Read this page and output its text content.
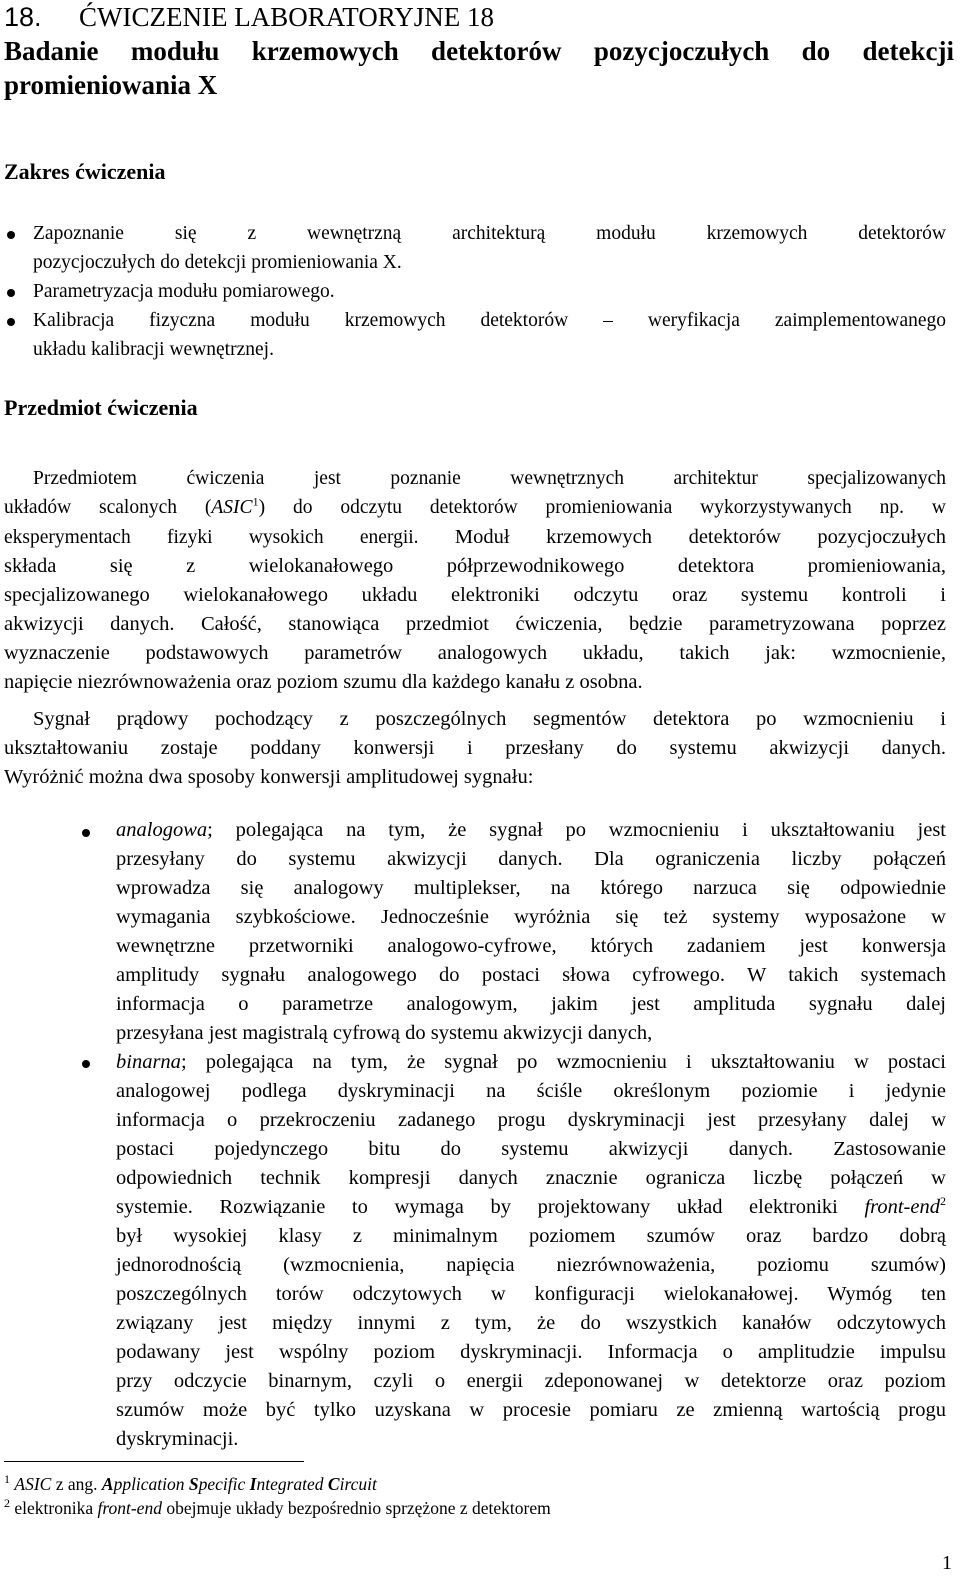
18. ĆWICZENIE LABORATORYJNE 18
Badanie modułu krzemowych detektorów pozycjoczułych do detekcji
promieniowania X
Zakres ćwiczenia
Zapoznanie się z wewnętrzną architekturą modułu krzemowych detektorów
pozycjoczułych do detekcji promieniowania X.
Parametryzacja modułu pomiarowego.
Kalibracja fizyczna modułu krzemowych detektorów – weryfikacja zaimplementowanego
układu kalibracji wewnętrznej.
Przedmiot ćwiczenia
Przedmiotem ćwiczenia jest poznanie wewnętrznych architektur specjalizowanych
układów scalonych (ASIC$^1$) do odczytu detektorów promieniowania wykorzystywanych np. w
eksperymentach fizyki wysokich energii. Moduł krzemowych detektorów pozycjoczułych
składa się z wielokanałowego półprzewodnikowego detektora promieniowania,
specjalizowanego wielokanałowego układu elektroniki odczytu oraz systemu kontroli i
akwizycji danych. Całość, stanowiąca przedmiot ćwiczenia, będzie parametryzowana poprzez
wyznaczenie podstawowych parametrów analogowych układu, takich jak: wzmocnienie,
napięcie niezrównoważenia oraz poziom szumu dla każdego kanału z osobna.
Sygnał prądowy pochodzący z poszczególnych segmentów detektora po wzmocnieniu i
ukształtowaniu zostaje poddany konwersji i przesłany do systemu akwizycji danych.
Wyróżnić można dwa sposoby konwersji amplitudowej sygnału:
analogowa; polegająca na tym, że sygnał po wzmocnieniu i ukształtowaniu jest
przesyłany do systemu akwizycji danych. Dla ograniczenia liczby połączeń
wprowadza się analogowy multiplekser, na którego narzuca się odpowiednie
wymagania szybkościowe. Jednocześnie wyróżnia się też systemy wyposażone w
wewnętrzne przetworniki analogowo-cyfrowe, których zadaniem jest konwersja
amplitudy sygnału analogowego do postaci słowa cyfrowego. W takich systemach
informacja o parametrze analogowym, jakim jest amplituda sygnału dalej
przesyłana jest magistralą cyfrową do systemu akwizycji danych,
binarna; polegająca na tym, że sygnał po wzmocnieniu i ukształtowaniu w postaci
analogowej podlega dyskryminacji na ściśle określonym poziomie i jedynie
informacja o przekroczeniu zadanego progu dyskryminacji jest przesyłany dalej w
postaci pojedynczego bitu do systemu akwizycji danych. Zastosowanie
odpowiednich technik kompresji danych znacznie ogranicza liczbę połączeń w
systemie. Rozwiązanie to wymaga by projektowany układ elektroniki front-end$^2$
był wysokiej klasy z minimalnym poziomem szumów oraz bardzo dobrą
jednorodnością (wzmocnienia, napięcia niezrównoważenia, poziomu szumów)
poszczególnych torów odczytowych w konfiguracji wielokanałowej. Wymóg ten
związany jest między innymi z tym, że do wszystkich kanałów odczytowych
podawany jest wspólny poziom dyskryminacji. Informacja o amplitudzie impulsu
przy odczycie binarnym, czyli o energii zdeponowanej w detektorze oraz poziom
szumów może być tylko uzyskana w procesie pomiaru ze zmienną wartością progu
dyskryminacji.
$^1$ ASIC z ang. Application Specific Integrated Circuit
$^2$ elektronika front-end obejmuje układy bezpośrednio sprzężone z detektorem
1
